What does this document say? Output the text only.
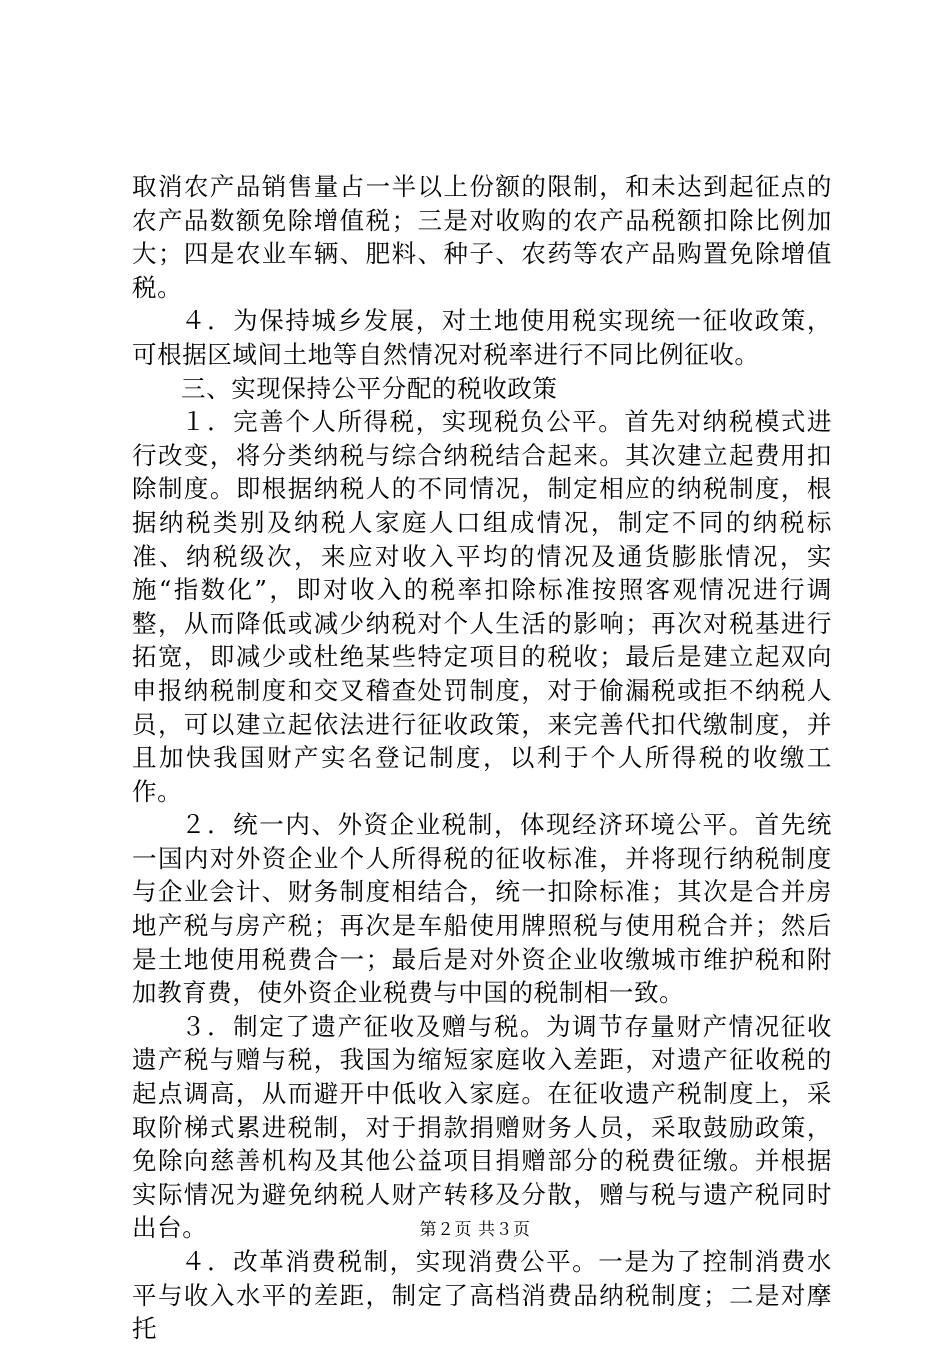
取消农产品销售量占一半以上份额的限制，和未达到起征点的农产品数额免除增值税；三是对收购的农产品税额扣除比例加大；四是农业车辆、肥料、种子、农药等农产品购置免除增值税。

４．为保持城乡发展，对土地使用税实现统一征收政策，可根据区域间土地等自然情况对税率进行不同比例征收。

三、实现保持公平分配的税收政策

１．完善个人所得税，实现税负公平。首先对纳税模式进行改变，将分类纳税与综合纳税结合起来。其次建立起费用扣除制度。即根据纳税人的不同情况，制定相应的纳税制度，根据纳税类别及纳税人家庭人口组成情况，制定不同的纳税标准、纳税级次，来应对收入平均的情况及通货膨胀情况，实施“指数化”，即对收入的税率扣除标准按照客观情况进行调整，从而降低或减少纳税对个人生活的影响；再次对税基进行拓宽，即减少或杜绝某些特定项目的税收；最后是建立起双向申报纳税制度和交叉稽查处罚制度，对于偷漏税或拒不纳税人员，可以建立起依法进行征收政策，来完善代扣代缴制度，并且加快我国财产实名登记制度，以利于个人所得税的收缴工作。

２．统一内、外资企业税制，体现经济环境公平。首先统一国内对外资企业个人所得税的征收标准，并将现行纳税制度与企业会计、财务制度相结合，统一扣除标准；其次是合并房地产税与房产税；再次是车船使用牌照税与使用税合并；然后是土地使用税费合一；最后是对外资企业收缴城市维护税和附加教育费，使外资企业税费与中国的税制相一致。

３．制定了遗产征收及赠与税。为调节存量财产情况征收遗产税与赠与税，我国为缩短家庭收入差距，对遗产征收税的起点调高，从而避开中低收入家庭。在征收遗产税制度上，采取阶梯式累进税制，对于捐款捐赠财务人员，采取鼓励政策，免除向慈善机构及其他公益项目捐赠部分的税费征缴。并根据实际情况为避免纳税人财产转移及分散，赠与税与遗产税同时出台。

４．改革消费税制，实现消费公平。一是为了控制消费水平与收入水平的差距，制定了高档消费品纳税制度；二是对摩托

第２页 共３页
